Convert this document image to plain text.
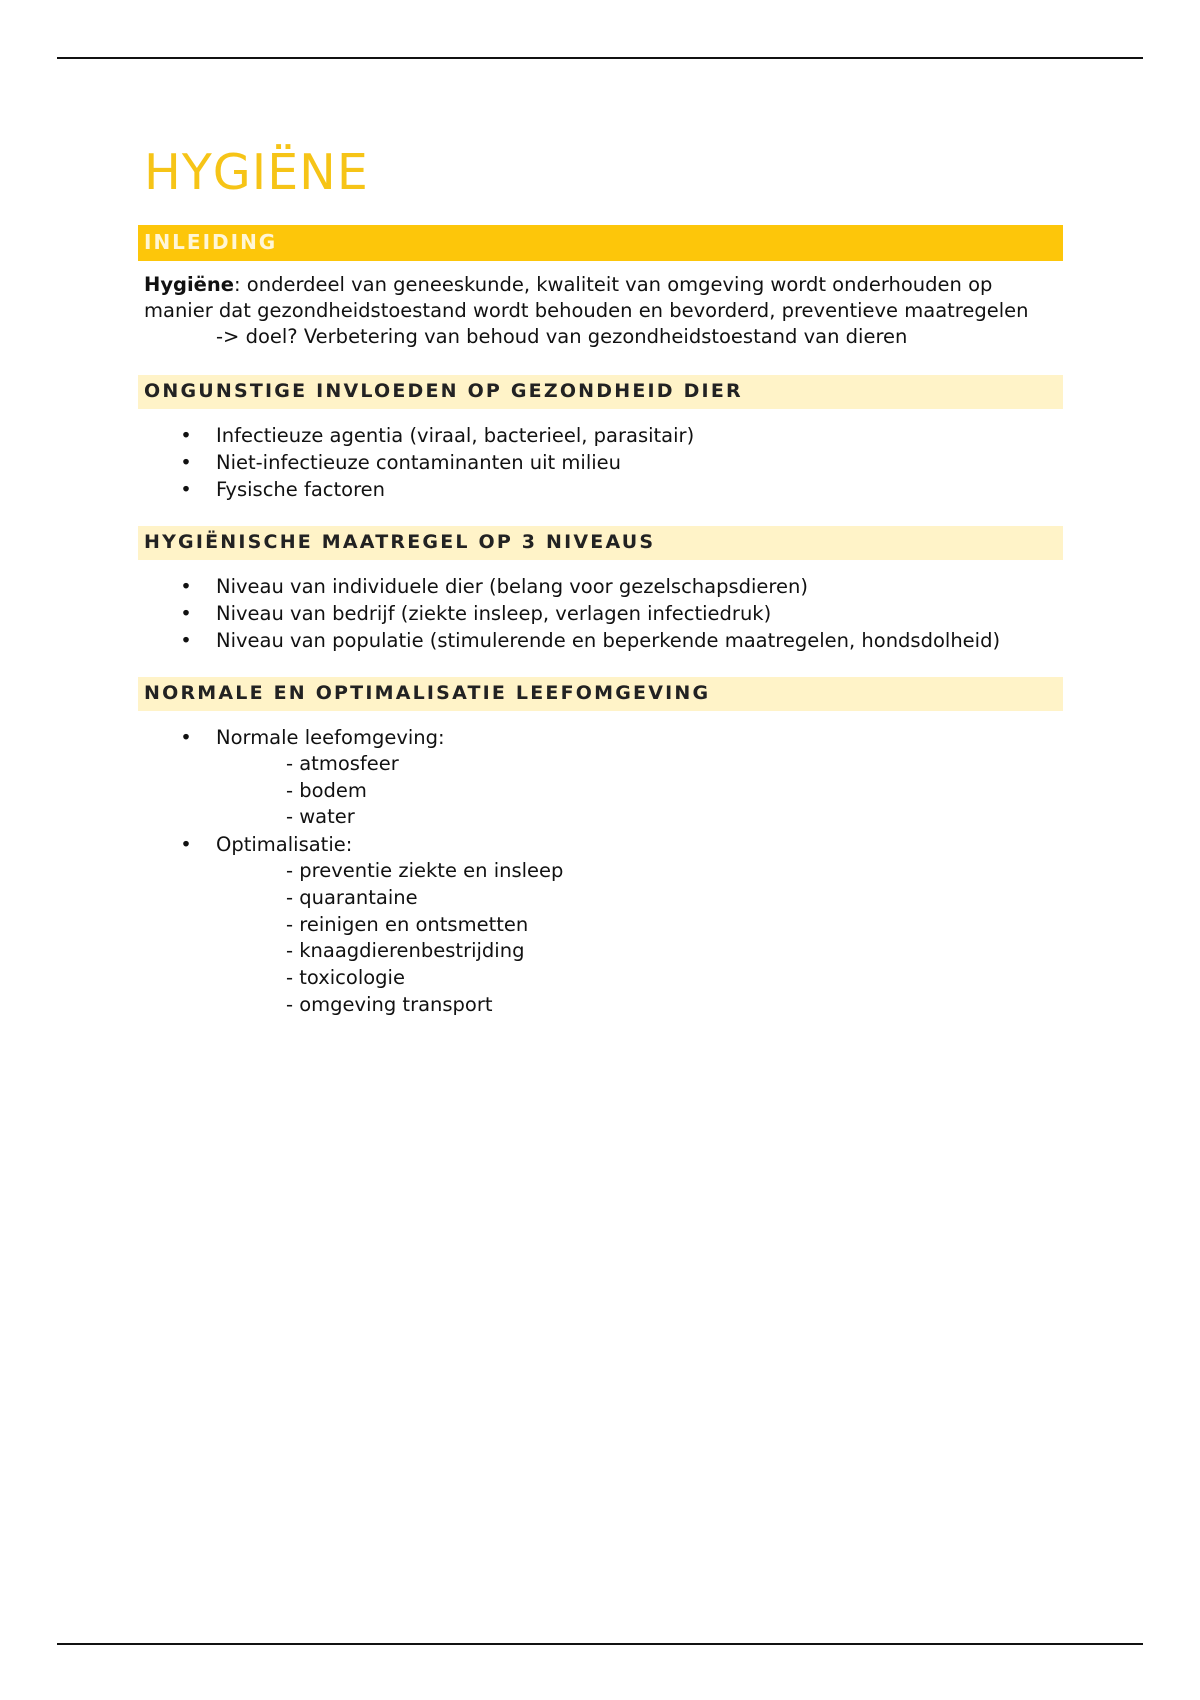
HYGIËNE
INLEIDING

Hygiëne: onderdeel van geneeskunde, kwaliteit van omgeving wordt onderhouden op manier dat gezondheidstoestand wordt behouden en bevorderd, preventieve maatregelen

-> doel? Verbetering van behoud van gezondheidstoestand van dieren
ONGUNSTIGE INVLOEDEN OP GEZONDHEID DIER
• Infectieuze agentia (viraal, bacterieel, parasitair)
• Niet-infectieuze contaminanten uit milieu
• Fysische factoren
HYGIËNISCHE MAATREGEL OP 3 NIVEAUS
• Niveau van individuele dier (belang voor gezelschapsdieren)
• Niveau van bedrijf (ziekte insleep, verlagen infectiedruk)
• Niveau van populatie (stimulerende en beperkende maatregelen, hondsdolheid)
NORMALE EN OPTIMALISATIE LEEFOMGEVING
• Normale leefomgeving:
- atmosfeer
- bodem
- water
• Optimalisatie:
- preventie ziekte en insleep
- quarantaine
- reinigen en ontsmetten
- knaagdierenbestrijding
- toxicologie
- omgeving transport
